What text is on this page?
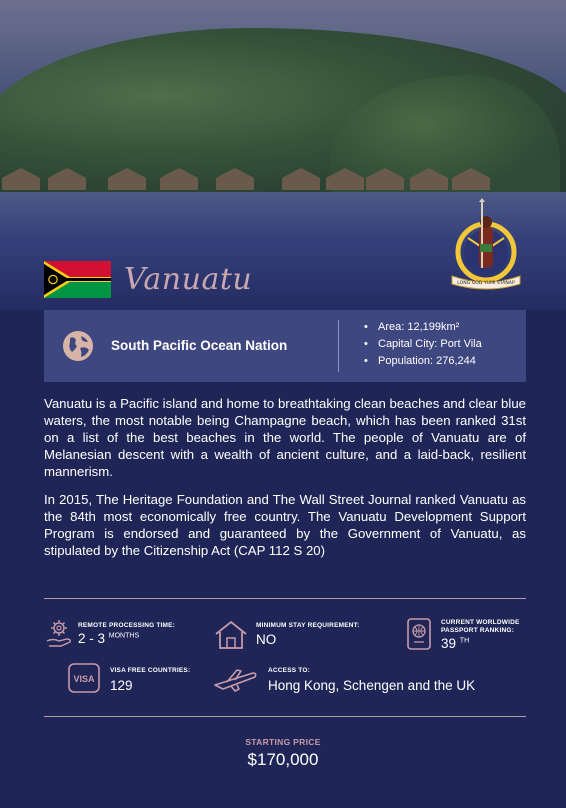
LONG GOD YUMI STANAP
Vanuatu
South Pacific Ocean Nation
• Area: 12,199km²
• Capital City: Port Vila
• Population: 276,244

Vanuatu is a Pacific island and home to breathtaking clean beaches and clear blue waters, the most notable being Champagne beach, which has been ranked 31st on a list of the best beaches in the world. The people of Vanuatu are of Melanesian descent with a wealth of ancient culture, and a laid-back, resilient mannerism.

In 2015, The Heritage Foundation and The Wall Street Journal ranked Vanuatu as the 84th most economically free country. The Vanuatu Development Support Program is endorsed and guaranteed by the Government of Vanuatu, as stipulated by the Citizenship Act (CAP 112 S 20)

REMOTE PROCESSING TIME:
2 - 3 $^{MONTHS}$
MINIMUM STAY REQUIREMENT:
NO
CURRENT WORLDWIDE PASSPORT RANKING:
39 $^{TH}$
VISA
VISA FREE COUNTRIES:
129
ACCESS TO:
Hong Kong, Schengen and the UK
STARTING PRICE
$170,000
